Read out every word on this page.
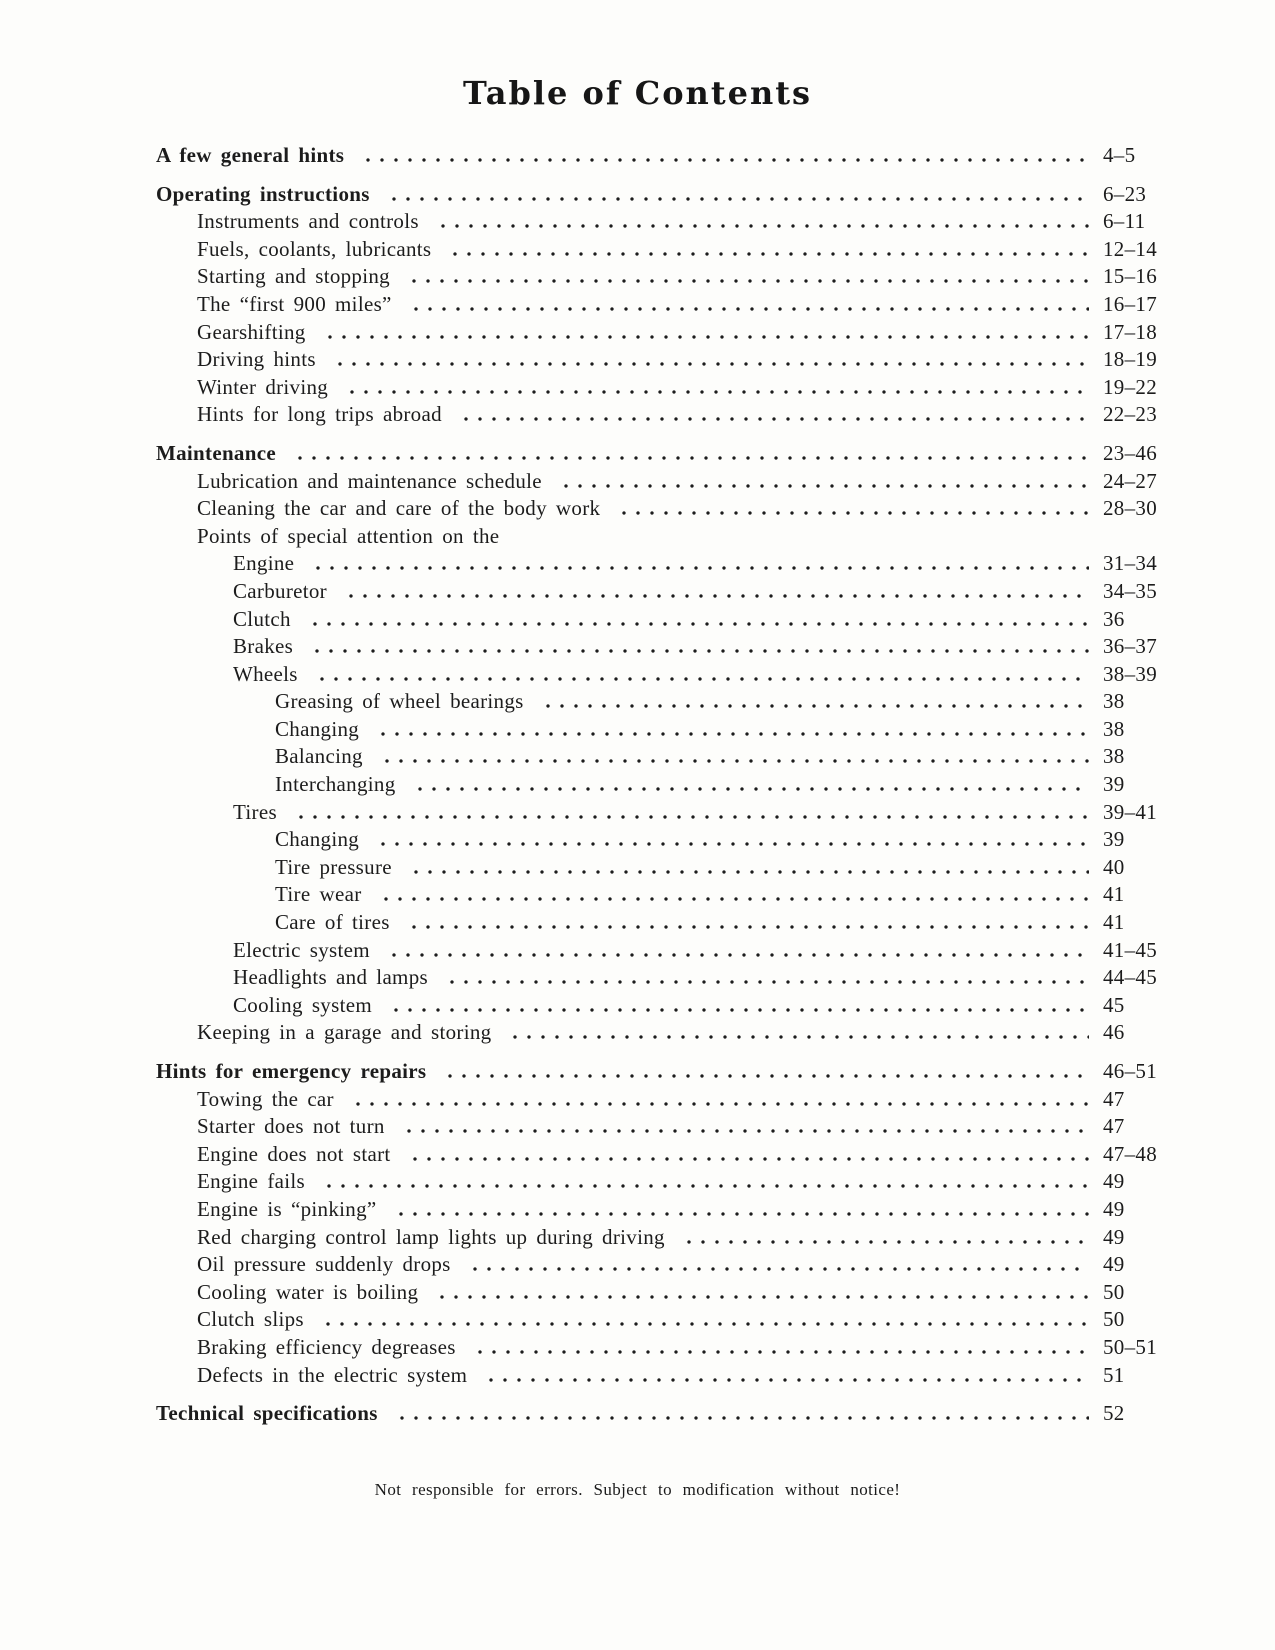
Table of Contents
A few general hints	4–5
Operating instructions	6–23
Instruments and controls	6–11
Fuels, coolants, lubricants	12–14
Starting and stopping	15–16
The “first 900 miles”	16–17
Gearshifting	17–18
Driving hints	18–19
Winter driving	19–22
Hints for long trips abroad	22–23
Maintenance	23–46
Lubrication and maintenance schedule	24–27
Cleaning the car and care of the body work	28–30
Points of special attention on the
Engine	31–34
Carburetor	34–35
Clutch	36
Brakes	36–37
Wheels	38–39
Greasing of wheel bearings	38
Changing	38
Balancing	38
Interchanging	39
Tires	39–41
Changing	39
Tire pressure	40
Tire wear	41
Care of tires	41
Electric system	41–45
Headlights and lamps	44–45
Cooling system	45
Keeping in a garage and storing	46
Hints for emergency repairs	46–51
Towing the car	47
Starter does not turn	47
Engine does not start	47–48
Engine fails	49
Engine is “pinking”	49
Red charging control lamp lights up during driving	49
Oil pressure suddenly drops	49
Cooling water is boiling	50
Clutch slips	50
Braking efficiency degreases	50–51
Defects in the electric system	51
Technical specifications	52
Not responsible for errors. Subject to modification without notice!
